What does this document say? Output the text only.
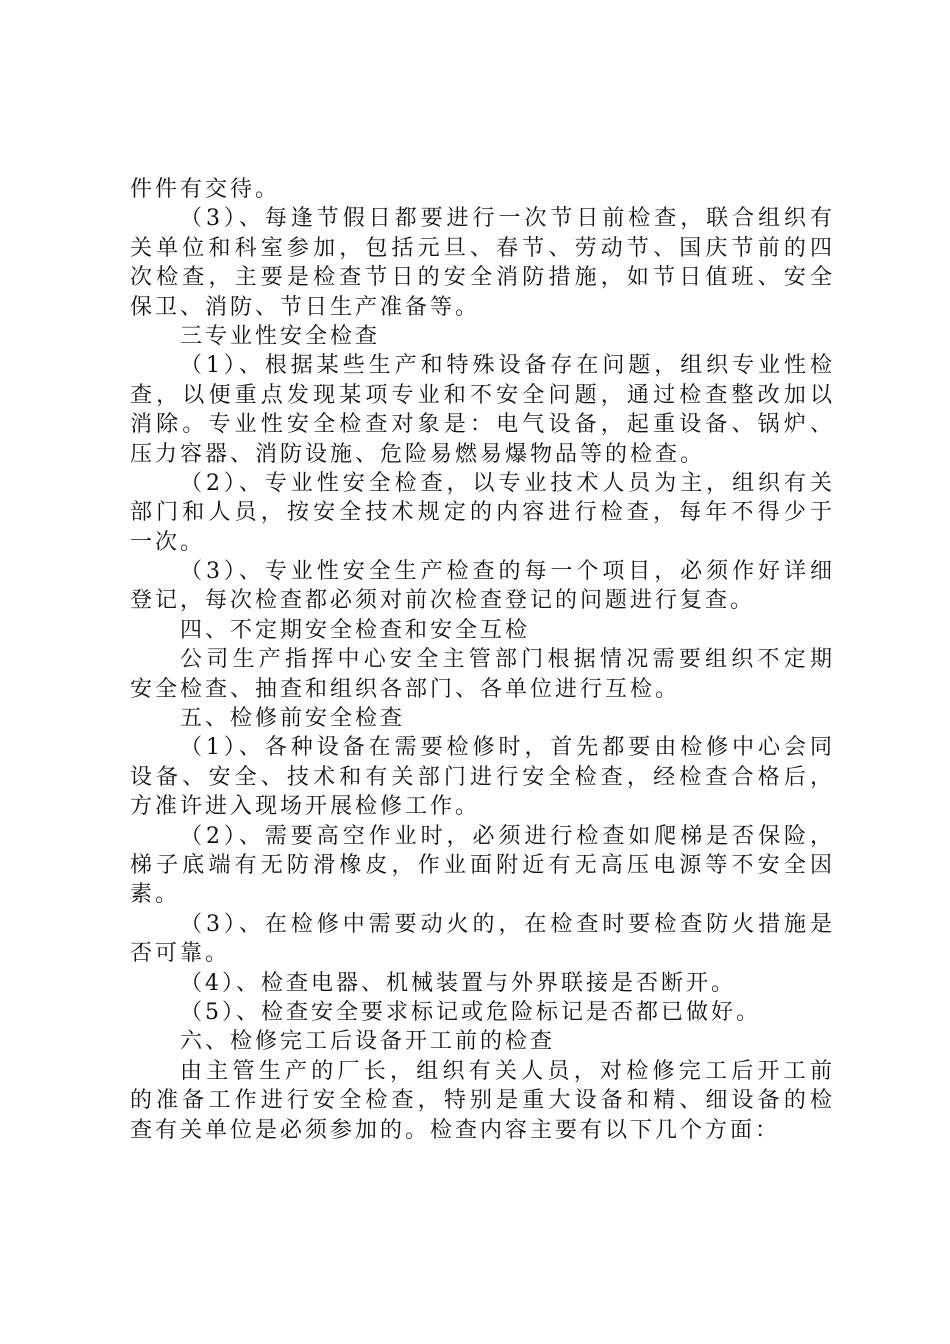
件件有交待。
（3）、每逢节假日都要进行一次节日前检查，联合组织有
关单位和科室参加，包括元旦、春节、劳动节、国庆节前的四
次检查，主要是检查节日的安全消防措施，如节日值班、安全
保卫、消防、节日生产准备等。
三专业性安全检查
（1）、根据某些生产和特殊设备存在问题，组织专业性检
查，以便重点发现某项专业和不安全问题，通过检查整改加以
消除。专业性安全检查对象是：电气设备，起重设备、锅炉、
压力容器、消防设施、危险易燃易爆物品等的检查。
（2）、专业性安全检查，以专业技术人员为主，组织有关
部门和人员，按安全技术规定的内容进行检查，每年不得少于
一次。
（3）、专业性安全生产检查的每一个项目，必须作好详细
登记，每次检查都必须对前次检查登记的问题进行复查。
四、不定期安全检查和安全互检
公司生产指挥中心安全主管部门根据情况需要组织不定期
安全检查、抽查和组织各部门、各单位进行互检。
五、检修前安全检查
（1）、各种设备在需要检修时，首先都要由检修中心会同
设备、安全、技术和有关部门进行安全检查，经检查合格后，
方准许进入现场开展检修工作。
（2）、需要高空作业时，必须进行检查如爬梯是否保险，
梯子底端有无防滑橡皮，作业面附近有无高压电源等不安全因
素。
（3）、在检修中需要动火的，在检查时要检查防火措施是
否可靠。
（4）、检查电器、机械装置与外界联接是否断开。
（5）、检查安全要求标记或危险标记是否都已做好。
六、检修完工后设备开工前的检查
由主管生产的厂长，组织有关人员，对检修完工后开工前
的准备工作进行安全检查，特别是重大设备和精、细设备的检
查有关单位是必须参加的。检查内容主要有以下几个方面：
